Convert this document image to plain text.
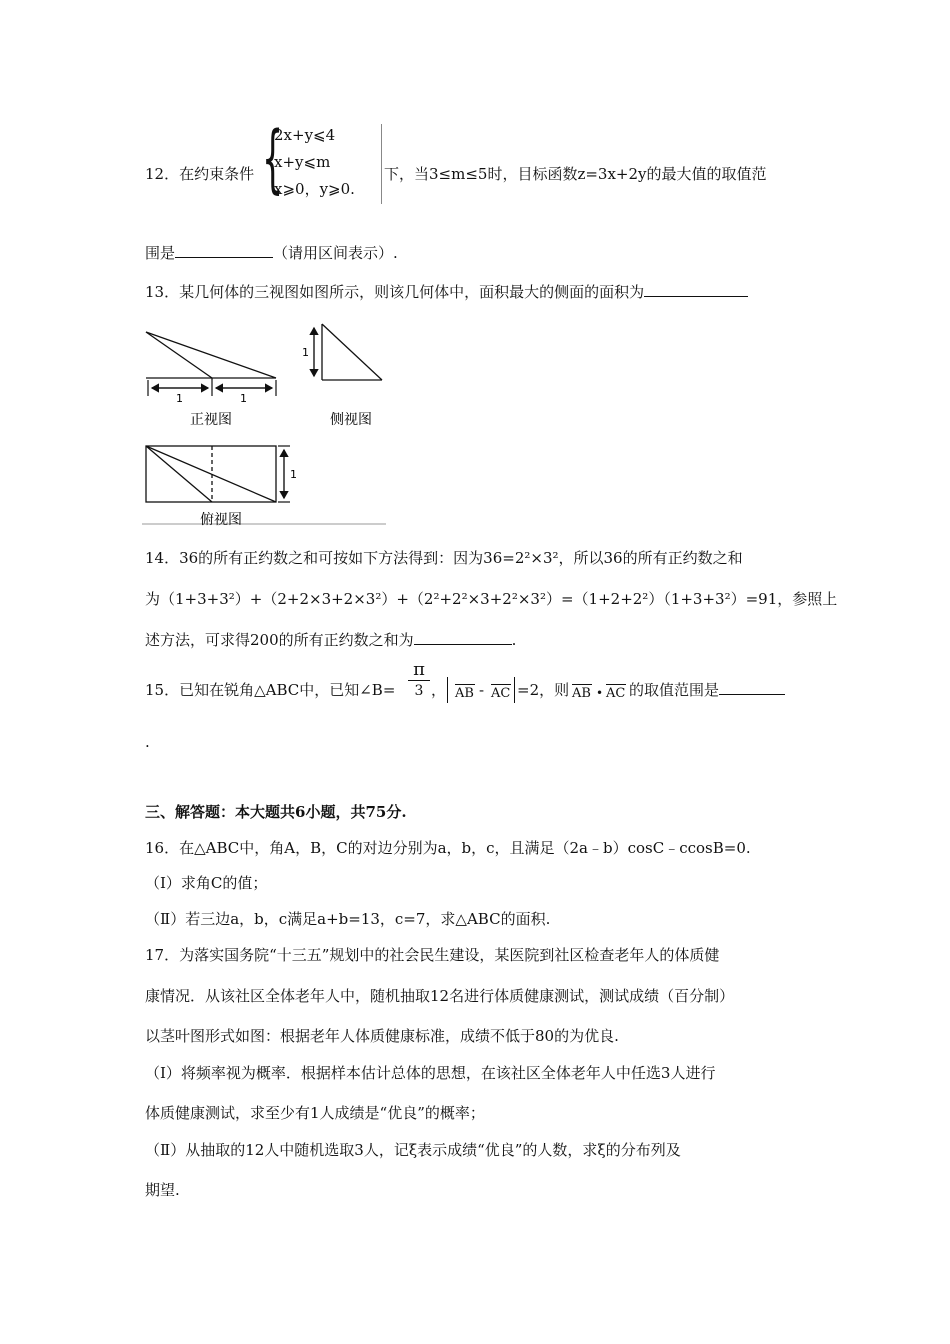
12．在约束条件 {
2x+y⩽4
x+y⩽m
x⩾0，y⩾0.
下，当3≤m≤5时，目标函数z=3x+2y的最大值的取值范
围是	（请用区间表示）.
13．某几何体的三视图如图所示，则该几何体中，面积最大的侧面的面积为
1	1
正视图
1
侧视图
1
俯视图
14．36的所有正约数之和可按如下方法得到：因为36=2²×3²，所以36的所有正约数之和
为（1+3+3²）+（2+2×3+2×3²）+（2²+2²×3+2²×3²）=（1+2+2²）（1+3+3²）=91，参照上
述方法，可求得200的所有正约数之和为	.
15．已知在锐角△ABC中，已知∠B=
π
3 ， AB - AC =2，则 AB • AC 的取值范围是
.
三、解答题：本大题共6小题，共75分.
16．在△ABC中，角A，B，C的对边分别为a，b，c，且满足（2a﹣b）cosC﹣ccosB=0.
（Ⅰ）求角C的值；
（Ⅱ）若三边a，b，c满足a+b=13，c=7，求△ABC的面积.
17．为落实国务院“十三五”规划中的社会民生建设，某医院到社区检查老年人的体质健
康情况．从该社区全体老年人中，随机抽取12名进行体质健康测试，测试成绩（百分制）
以茎叶图形式如图：根据老年人体质健康标准，成绩不低于80的为优良.
（Ⅰ）将频率视为概率．根据样本估计总体的思想，在该社区全体老年人中任选3人进行
体质健康测试，求至少有1人成绩是“优良”的概率；
（Ⅱ）从抽取的12人中随机选取3人，记ξ表示成绩“优良”的人数，求ξ的分布列及
期望.
